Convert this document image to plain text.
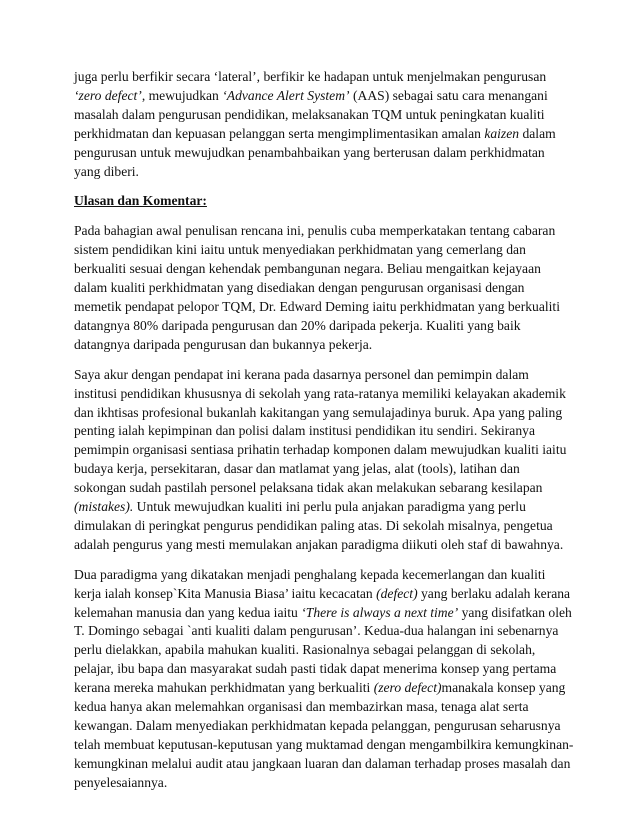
juga perlu berfikir secara ‘lateral’, berfikir ke hadapan untuk menjelmakan pengurusan ‘zero defect’, mewujudkan ‘Advance Alert System’ (AAS) sebagai satu cara menangani masalah dalam pengurusan pendidikan, melaksanakan TQM untuk peningkatan kualiti perkhidmatan dan kepuasan pelanggan serta mengimplimentasikan amalan kaizen dalam pengurusan untuk mewujudkan penambahbaikan yang berterusan dalam perkhidmatan yang diberi.

Ulasan dan Komentar:

Pada bahagian awal penulisan rencana ini, penulis cuba memperkatakan tentang cabaran sistem pendidikan kini iaitu untuk menyediakan perkhidmatan yang cemerlang dan berkualiti sesuai dengan kehendak pembangunan negara. Beliau mengaitkan kejayaan dalam kualiti perkhidmatan yang disediakan dengan pengurusan organisasi dengan memetik pendapat pelopor TQM, Dr. Edward Deming iaitu perkhidmatan yang berkualiti datangnya 80% daripada pengurusan dan 20% daripada pekerja. Kualiti yang baik datangnya daripada pengurusan dan bukannya pekerja.

Saya akur dengan pendapat ini kerana pada dasarnya personel dan pemimpin dalam institusi pendidikan khususnya di sekolah yang rata-ratanya memiliki kelayakan akademik dan ikhtisas profesional bukanlah kakitangan yang semulajadinya buruk. Apa yang paling penting ialah kepimpinan dan polisi dalam institusi pendidikan itu sendiri. Sekiranya pemimpin organisasi sentiasa prihatin terhadap komponen dalam mewujudkan kualiti iaitu budaya kerja, persekitaran, dasar dan matlamat yang jelas, alat (tools), latihan dan sokongan sudah pastilah personel pelaksana tidak akan melakukan sebarang kesilapan (mistakes). Untuk mewujudkan kualiti ini perlu pula anjakan paradigma yang perlu dimulakan di peringkat pengurus pendidikan paling atas. Di sekolah misalnya, pengetua adalah pengurus yang mesti memulakan anjakan paradigma diikuti oleh staf di bawahnya.

Dua paradigma yang dikatakan menjadi penghalang kepada kecemerlangan dan kualiti kerja ialah konsep`Kita Manusia Biasa’ iaitu kecacatan (defect) yang berlaku adalah kerana kelemahan manusia dan yang kedua iaitu ‘There is always a next time’ yang disifatkan oleh T. Domingo sebagai `anti kualiti dalam pengurusan’. Kedua-dua halangan ini sebenarnya perlu dielakkan, apabila mahukan kualiti. Rasionalnya sebagai pelanggan di sekolah, pelajar, ibu bapa dan masyarakat sudah pasti tidak dapat menerima konsep yang pertama kerana mereka mahukan perkhidmatan yang berkualiti (zero defect)manakala konsep yang kedua hanya akan melemahkan organisasi dan membazirkan masa, tenaga alat serta kewangan. Dalam menyediakan perkhidmatan kepada pelanggan, pengurusan seharusnya telah membuat keputusan-keputusan yang muktamad dengan mengambilkira kemungkinan-kemungkinan melalui audit atau jangkaan luaran dan dalaman terhadap proses masalah dan penyelesaiannya.
